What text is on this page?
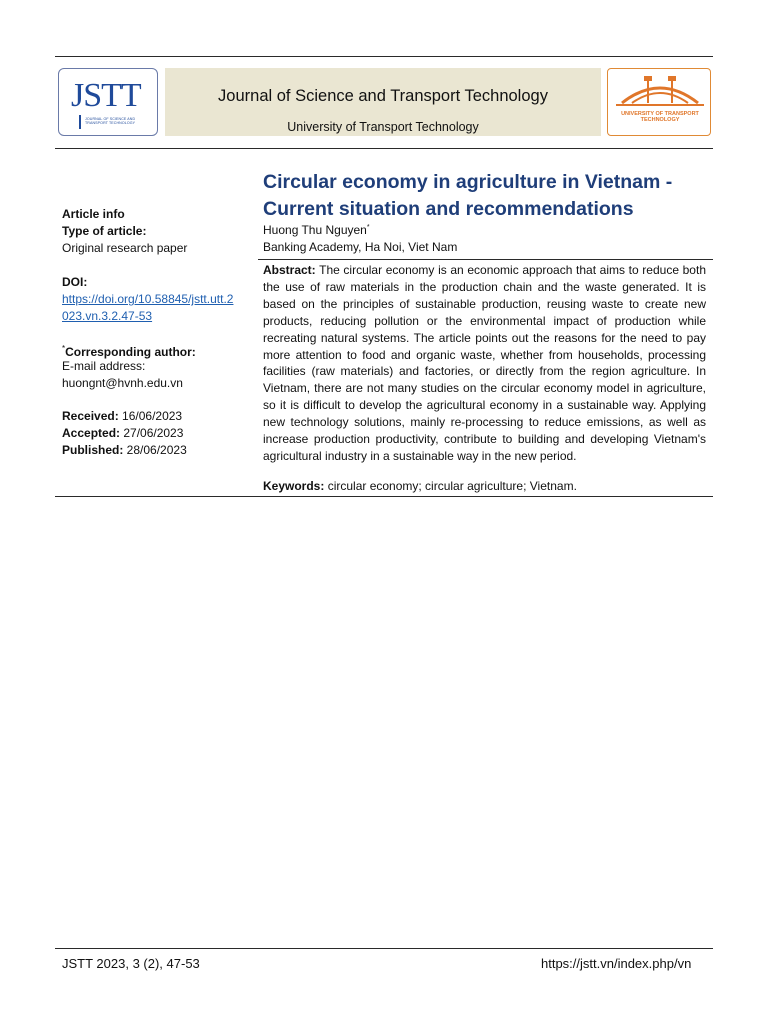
JSTT
JOURNAL OF SCIENCE AND TRANSPORT TECHNOLOGY
Journal of Science and Transport Technology
University of Transport Technology
UNIVERSITY OF TRANSPORT TECHNOLOGY
Article info
Type of article:
Original research paper
DOI:
https://doi.org/10.58845/jstt.utt.2
023.vn.3.2.47-53
*Corresponding author:
E-mail address:
huongnt@hvnh.edu.vn
Received: 16/06/2023
Accepted: 27/06/2023
Published: 28/06/2023
Circular economy in agriculture in Vietnam - Current situation and recommendations
Huong Thu Nguyen*
Banking Academy, Ha Noi, Viet Nam
Abstract: The circular economy is an economic approach that aims to reduce both the use of raw materials in the production chain and the waste generated. It is based on the principles of sustainable production, reusing waste to create new products, reducing pollution or the environmental impact of production while recreating natural systems. The article points out the reasons for the need to pay more attention to food and organic waste, whether from households, processing facilities (raw materials) and factories, or directly from the region agriculture. In Vietnam, there are not many studies on the circular economy model in agriculture, so it is difficult to develop the agricultural economy in a sustainable way. Applying new technology solutions, mainly re-processing to reduce emissions, as well as increase production productivity, contribute to building and developing Vietnam's agricultural industry in a sustainable way in the new period.
Keywords: circular economy; circular agriculture; Vietnam.
JSTT 2023, 3 (2), 47-53	https://jstt.vn/index.php/vn
